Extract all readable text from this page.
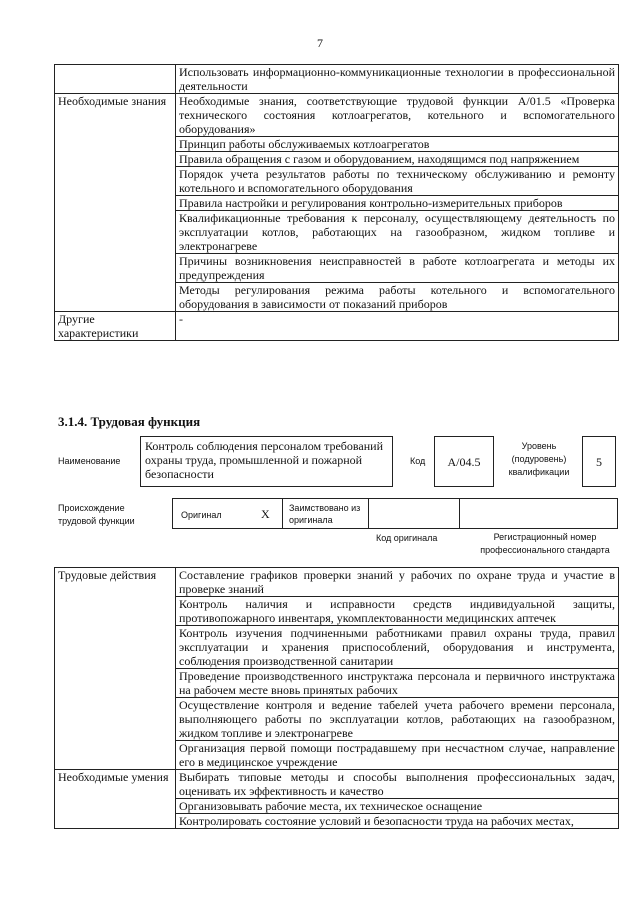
7
	Использовать информационно-коммуникационные технологии в профессиональной деятельности
Необходимые знания	Необходимые знания, соответствующие трудовой функции А/01.5 «Проверка технического состояния котлоагрегатов, котельного и вспомогательного оборудования»
	Принцип работы обслуживаемых котлоагрегатов
	Правила обращения с газом и оборудованием, находящимся под напряжением
	Порядок учета результатов работы по техническому обслуживанию и ремонту котельного и вспомогательного оборудования
	Правила настройки и регулирования контрольно-измерительных приборов
	Квалификационные требования к персоналу, осуществляющему деятельность по эксплуатации котлов, работающих на газообразном, жидком топливе и электронагреве
	Причины возникновения неисправностей в работе котлоагрегата и методы их предупреждения
	Методы регулирования режима работы котельного и вспомогательного оборудования в зависимости от показаний приборов
Другие характеристики	-
3.1.4. Трудовая функция
Наименование
Контроль соблюдения персоналом требований охраны труда, промышленной и пожарной безопасности
Код	А/04.5
Уровень (подуровень) квалификации
5
Происхождение трудовой функции
Оригинал	X Заимствовано из оригинала
Код оригинала	Регистрационный номер профессионального стандарта
Трудовые действия	Составление графиков проверки знаний у рабочих по охране труда и участие в проверке знаний
	Контроль наличия и исправности средств индивидуальной защиты, противопожарного инвентаря, укомплектованности медицинских аптечек
	Контроль изучения подчиненными работниками правил охраны труда, правил эксплуатации и хранения приспособлений, оборудования и инструмента, соблюдения производственной санитарии
	Проведение производственного инструктажа персонала и первичного инструктажа на рабочем месте вновь принятых рабочих
	Осуществление контроля и ведение табелей учета рабочего времени персонала, выполняющего работы по эксплуатации котлов, работающих на газообразном, жидком топливе и электронагреве
	Организация первой помощи пострадавшему при несчастном случае, направление его в медицинское учреждение
Необходимые умения	Выбирать типовые методы и способы выполнения профессиональных задач, оценивать их эффективность и качество
	Организовывать рабочие места, их техническое оснащение
	Контролировать состояние условий и безопасности труда на рабочих местах,
